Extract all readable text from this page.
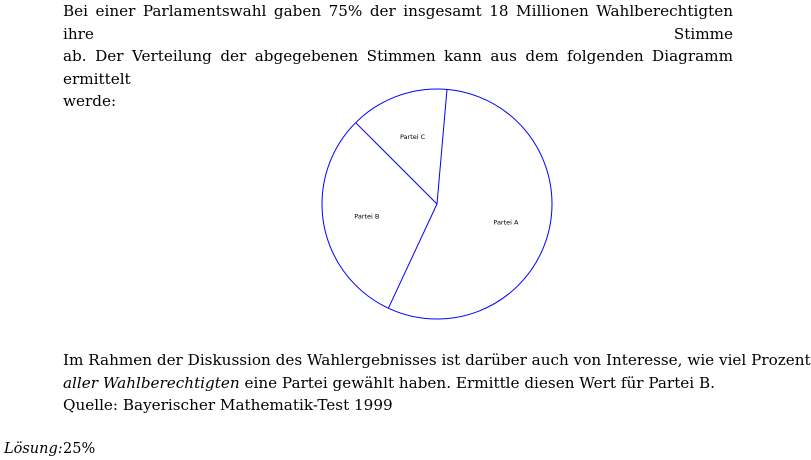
Bei einer Parlamentswahl gaben 75% der insgesamt 18 Millionen Wahlberechtigten ihre Stimme
ab. Der Verteilung der abgegebenen Stimmen kann aus dem folgenden Diagramm ermittelt
werde:
Partei A
Partei B
Partei C
Im Rahmen der Diskussion des Wahlergebnisses ist darüber auch von Interesse, wie viel Prozent
aller Wahlberechtigten eine Partei gewählt haben. Ermittle diesen Wert für Partei B.
Quelle: Bayerischer Mathematik-Test 1999
Lösung: 25%
